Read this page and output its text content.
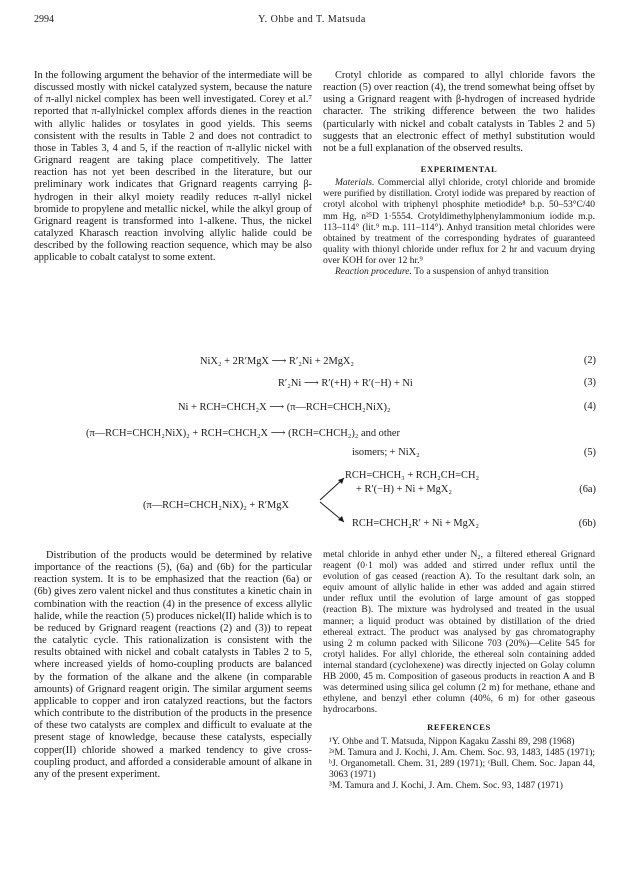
2994	Y. Ohbe and T. Matsuda

In the following argument the behavior of the intermediate will be discussed mostly with nickel catalyzed system, because the nature of π-allyl nickel complex has been well investigated. Corey et al.⁷ reported that π-allylnickel complex affords dienes in the reaction with allylic halides or tosylates in good yields. This seems consistent with the results in Table 2 and does not contradict to those in Tables 3, 4 and 5, if the reaction of π-allylic nickel with Grignard reagent are taking place competitively. The latter reaction has not yet been described in the literature, but our preliminary work indicates that Grignard reagents carrying β-hydrogen in their alkyl moiety readily reduces π-allyl nickel bromide to propylene and metallic nickel, while the alkyl group of Grignard reagent is transformed into 1-alkene. Thus, the nickel catalyzed Kharasch reaction involving allylic halide could be described by the following reaction sequence, which may be also applicable to cobalt catalyst to some extent.

Crotyl chloride as compared to allyl chloride favors the reaction (5) over reaction (4), the trend somewhat being offset by using a Grignard reagent with β-hydrogen of increased hydride character. The striking difference between the two halides (particularly with nickel and cobalt catalysts in Tables 2 and 5) suggests that an electronic effect of methyl substitution would not be a full explanation of the observed results.

EXPERIMENTAL

Materials. Commercial allyl chloride, crotyl chloride and bromide were purified by distillation. Crotyl iodide was prepared by reaction of crotyl alcohol with triphenyl phosphite metiodide⁸ b.p. 50–53°C/40 mm Hg, n²⁵D 1·5554. Crotyldimethylphenylammonium iodide m.p. 113–114° (lit.⁹ m.p. 111–114°). Anhyd transition metal chlorides were obtained by treatment of the corresponding hydrates of guaranteed quality with thionyl chloride under reflux for 2 hr and vacuum drying over KOH for over 12 hr.⁹

Reaction procedure. To a suspension of anhyd transition

NiX₂ + 2R′MgX ⟶ R′₂Ni + 2MgX₂	(2)
R′₂Ni ⟶ R′(+H) + R′(−H) + Ni	(3)
Ni + RCH=CHCH₂X ⟶ (π—RCH=CHCH₂NiX)₂	(4)
(π—RCH=CHCH₂NiX)₂ + RCH=CHCH₂X ⟶ (RCH=CHCH₂)₂ and other
isomers; + NiX₂	(5)
RCH=CHCH₃ + RCH₂CH=CH₂
+ R′(−H) + Ni + MgX₂	(6a)
(π—RCH=CHCH₂NiX)₂ + R′MgX
RCH=CHCH₂R′ + Ni + MgX₂	(6b)

Distribution of the products would be determined by relative importance of the reactions (5), (6a) and (6b) for the particular reaction system. It is to be emphasized that the reaction (6a) or (6b) gives zero valent nickel and thus constitutes a kinetic chain in combination with the reaction (4) in the presence of excess allylic halide, while the reaction (5) produces nickel(II) halide which is to be reduced by Grignard reagent (reactions (2) and (3)) to repeat the catalytic cycle. This rationalization is consistent with the results obtained with nickel and cobalt catalysts in Tables 2 to 5, where increased yields of homo-coupling products are balanced by the formation of the alkane and the alkene (in comparable amounts) of Grignard reagent origin. The similar argument seems applicable to copper and iron catalyzed reactions, but the factors which contribute to the distribution of the products in the presence of these two catalysts are complex and difficult to evaluate at the present stage of knowledge, because these catalysts, especially copper(II) chloride showed a marked tendency to give cross-coupling product, and afforded a considerable amount of alkane in any of the present experiment.

metal chloride in anhyd ether under N₂, a filtered ethereal Grignard reagent (0·1 mol) was added and stirred under reflux until the evolution of gas ceased (reaction A). To the resultant dark soln, an equiv amount of allylic halide in ether was added and again stirred under reflux until the evolution of large amount of gas stopped (reaction B). The mixture was hydrolysed and treated in the usual manner; a liquid product was obtained by distillation of the dried ethereal extract. The product was analysed by gas chromatography using 2 m column packed with Silicone 703 (20%)—Celite 545 for crotyl halides. For allyl chloride, the ethereal soln containing added internal standard (cyclohexene) was directly injected on Golay column HB 2000, 45 m. Composition of gaseous products in reaction A and B was determined using silica gel column (2 m) for methane, ethane and ethylene, and benzyl ether column (40%, 6 m) for other gaseous hydrocarbons.

REFERENCES

¹Y. Ohbe and T. Matsuda, Nippon Kagaku Zasshi 89, 298 (1968)

²ᵃM. Tamura and J. Kochi, J. Am. Chem. Soc. 93, 1483, 1485 (1971); ᵇJ. Organometall. Chem. 31, 289 (1971); ᶜBull. Chem. Soc. Japan 44, 3063 (1971)

³M. Tamura and J. Kochi, J. Am. Chem. Soc. 93, 1487 (1971)
